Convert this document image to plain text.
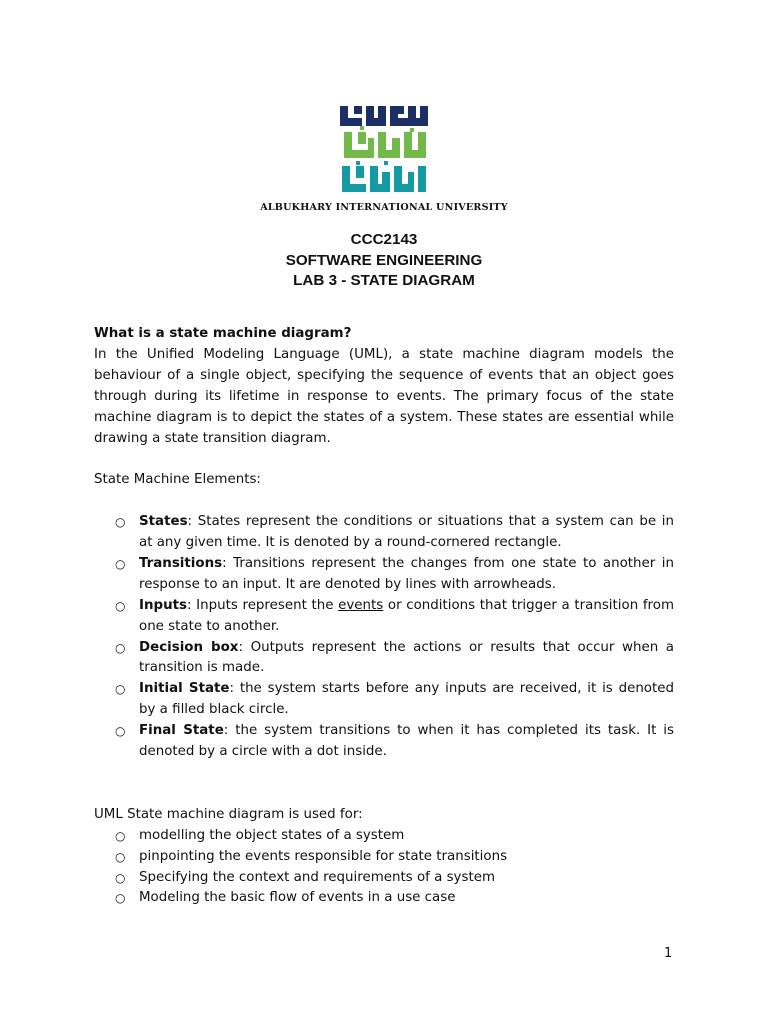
ALBUKHARY INTERNATIONAL UNIVERSITY
CCC2143
SOFTWARE ENGINEERING
LAB 3 - STATE DIAGRAM
What is a state machine diagram?
In the Unified Modeling Language (UML), a state machine diagram models the behaviour of a single object, specifying the sequence of events that an object goes through during its lifetime in response to events. The primary focus of the state machine diagram is to depict the states of a system. These states are essential while drawing a state transition diagram.
State Machine Elements:
○ States: States represent the conditions or situations that a system can be in at any given time. It is denoted by a round-cornered rectangle.
○ Transitions: Transitions represent the changes from one state to another in response to an input. It are denoted by lines with arrowheads.
○ Inputs: Inputs represent the events or conditions that trigger a transition from one state to another.
○ Decision box: Outputs represent the actions or results that occur when a transition is made.
○ Initial State: the system starts before any inputs are received, it is denoted by a filled black circle.
○ Final State: the system transitions to when it has completed its task. It is denoted by a circle with a dot inside.
UML State machine diagram is used for:
○ modelling the object states of a system
○ pinpointing the events responsible for state transitions
○ Specifying the context and requirements of a system
○ Modeling the basic flow of events in a use case
1
